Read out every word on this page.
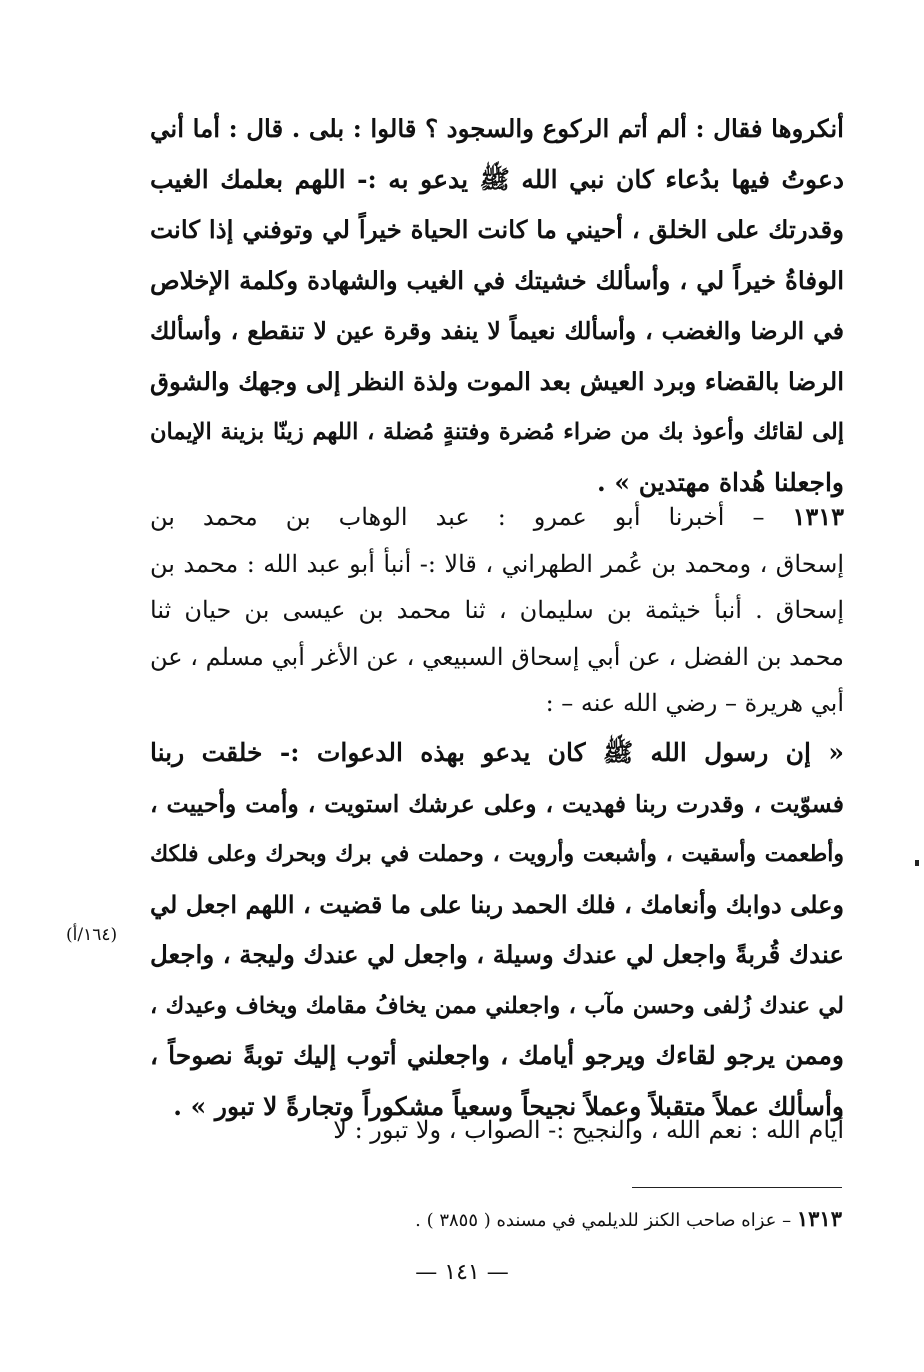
أنكروها فقال : ألم أتم الركوع والسجود ؟ قالوا : بلى . قال : أما أني
دعوتُ فيها بدُعاء كان نبي الله ﷺ يدعو به :- اللهم بعلمك الغيب
وقدرتك على الخلق ، أحيني ما كانت الحياة خيراً لي وتوفني إذا كانت
الوفاةُ خيراً لي ، وأسألك خشيتك في الغيب والشهادة وكلمة الإخلاص
في الرضا والغضب ، وأسألك نعيماً لا ينفد وقرة عين لا تنقطع ، وأسألك
الرضا بالقضاء وبرد العيش بعد الموت ولذة النظر إلى وجهك والشوق
إلى لقائك وأعوذ بك من ضراء مُضرة وفتنةٍ مُضلة ، اللهم زينّا بزينة الإيمان
واجعلنا هُداة مهتدين » .
١٣١٣ – أخبرنا أبو عمرو : عبد الوهاب بن محمد بن
إسحاق ، ومحمد بن عُمر الطهراني ، قالا :- أنبأ أبو عبد الله : محمد بن
إسحاق . أنبأ خيثمة بن سليمان ، ثنا محمد بن عيسى بن حيان ثنا
محمد بن الفضل ، عن أبي إسحاق السبيعي ، عن الأغر أبي مسلم ، عن
أبي هريرة – رضي الله عنه – :
« إن رسول الله ﷺ كان يدعو بهذه الدعوات :- خلقت ربنا
فسوّيت ، وقدرت ربنا فهديت ، وعلى عرشك استويت ، وأمت وأحييت ،
وأطعمت وأسقيت ، وأشبعت وأرويت ، وحملت في برك وبحرك وعلى فلكك
وعلى دوابك وأنعامك ، فلك الحمد ربنا على ما قضيت ، اللهم اجعل لي
عندك قُربةً واجعل لي عندك وسيلة ، واجعل لي عندك وليجة ، واجعل
لي عندك زُلفى وحسن مآب ، واجعلني ممن يخافُ مقامك ويخاف وعيدك ،
وممن يرجو لقاءك ويرجو أيامك ، واجعلني أتوب إليك توبةً نصوحاً ،
وأسألك عملاً متقبلاً وعملاً نجيحاً وسعياً مشكوراً وتجارةً لا تبور » .
أيام الله : نعم الله ، والنجيح :- الصواب ، ولا تبور : لا
(١٦٤/أ)
١٣١٣ – عزاه صاحب الكنز للديلمي في مسنده ( ٣٨٥٥ ) .
— ١٤١ —
